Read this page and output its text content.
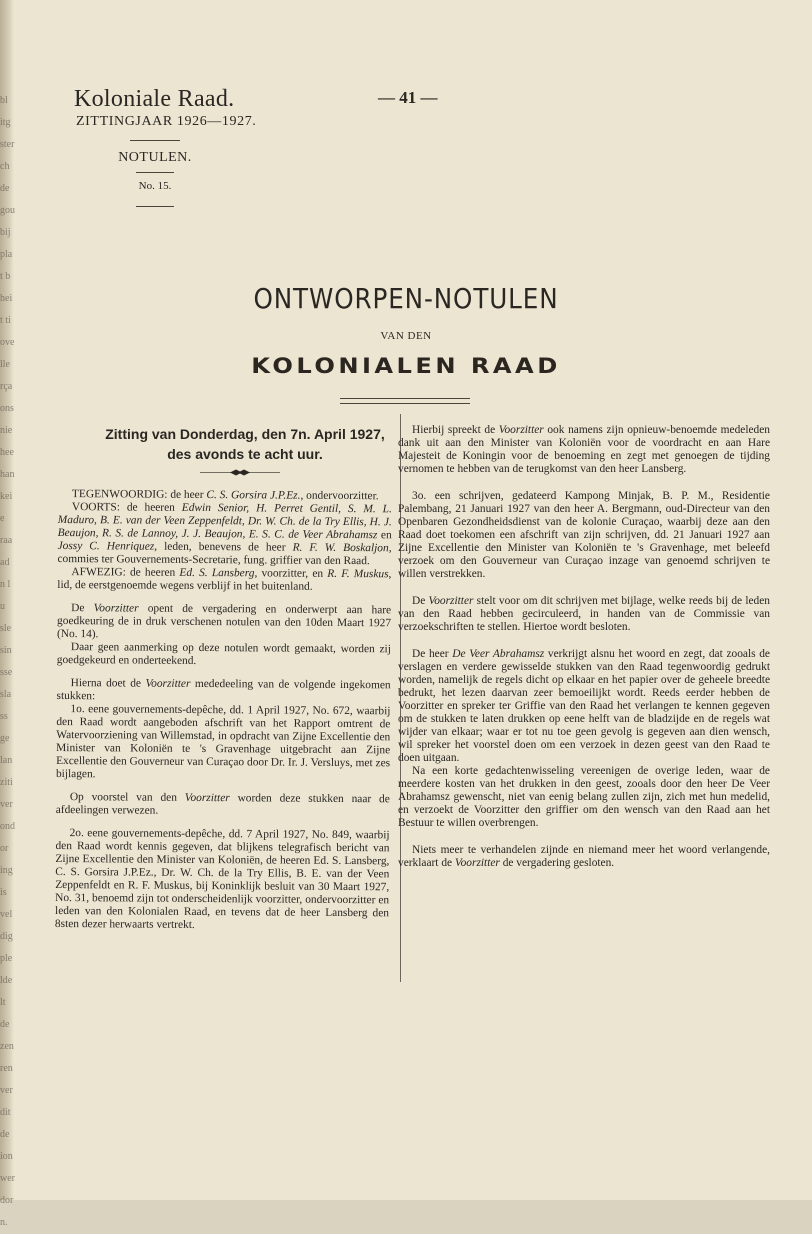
bl
itg
ster
ch
de
gou
bij
pla
t b
hei
t ti
ove
lle
rça
ons
nie
hee
han
kei
e
raa
ad
n l
u
sle
sin
sse
sla
ss
ge
lan
ziti
ver
ond
or
ing
is
vel
dig
ple
lde
lt
de
zen
ren
ver
dit
de
ion
wer
dor
n.
Koloniale Raad.
ZITTINGJAAR 1926—1927.
— 41 —
NOTULEN.
No. 15.
ONTWORPEN-NOTULEN
VAN DEN
KOLONIALEN RAAD
Zitting van Donderdag, den 7n. April 1927,
des avonds te acht uur.

TEGENWOORDIG: de heer C. S. Gorsira J.P.Ez., ondervoorzitter.

VOORTS: de heeren Edwin Senior, H. Perret Gentil, S. M. L. Maduro, B. E. van der Veen Zeppenfeldt, Dr. W. Ch. de la Try Ellis, H. J. Beaujon, R. S. de Lannoy, J. J. Beaujon, E. S. C. de Veer Abrahamsz en Jossy C. Henriquez, leden, benevens de heer R. F. W. Boskaljon, commies ter Gouvernements-Secretarie, fung. griffier van den Raad.

AFWEZIG: de heeren Ed. S. Lansberg, voorzitter, en R. F. Muskus, lid, de eerstgenoemde wegens verblijf in het buitenland.

De Voorzitter opent de vergadering en onderwerpt aan hare goedkeuring de in druk verschenen notulen van den 10den Maart 1927 (No. 14).

Daar geen aanmerking op deze notulen wordt gemaakt, worden zij goedgekeurd en onderteekend.

Hierna doet de Voorzitter mededeeling van de volgende ingekomen stukken:

1o. eene gouvernements-depêche, dd. 1 April 1927, No. 672, waarbij den Raad wordt aangeboden afschrift van het Rapport omtrent de Watervoorziening van Willemstad, in opdracht van Zijne Excellentie den Minister van Koloniën te 's Gravenhage uitgebracht aan Zijne Excellentie den Gouverneur van Curaçao door Dr. Ir. J. Versluys, met zes bijlagen.

Op voorstel van den Voorzitter worden deze stukken naar de afdeelingen verwezen.

2o. eene gouvernements-depêche, dd. 7 April 1927, No. 849, waarbij den Raad wordt kennis gegeven, dat blijkens telegrafisch bericht van Zijne Excellentie den Minister van Koloniën, de heeren Ed. S. Lansberg, C. S. Gorsira J.P.Ez., Dr. W. Ch. de la Try Ellis, B. E. van der Veen Zeppenfeldt en R. F. Muskus, bij Koninklijk besluit van 30 Maart 1927, No. 31, benoemd zijn tot onderscheidenlijk voorzitter, ondervoorzitter en leden van den Kolonialen Raad, en tevens dat de heer Lansberg den 8sten dezer herwaarts vertrekt.

Hierbij spreekt de Voorzitter ook namens zijn opnieuw-benoemde medeleden dank uit aan den Minister van Koloniën voor de voordracht en aan Hare Majesteit de Koningin voor de benoeming en zegt met genoegen de tijding vernomen te hebben van de terugkomst van den heer Lansberg.

3o. een schrijven, gedateerd Kampong Minjak, B. P. M., Residentie Palembang, 21 Januari 1927 van den heer A. Bergmann, oud-Directeur van den Openbaren Gezondheidsdienst van de kolonie Curaçao, waarbij deze aan den Raad doet toekomen een afschrift van zijn schrijven, dd. 21 Januari 1927 aan Zijne Excellentie den Minister van Koloniën te 's Gravenhage, met beleefd verzoek om den Gouverneur van Curaçao inzage van genoemd schrijven te willen verstrekken.

De Voorzitter stelt voor om dit schrijven met bijlage, welke reeds bij de leden van den Raad hebben gecirculeerd, in handen van de Commissie van verzoekschriften te stellen. Hiertoe wordt besloten.

De heer De Veer Abrahamsz verkrijgt alsnu het woord en zegt, dat zooals de verslagen en verdere gewisselde stukken van den Raad tegenwoordig gedrukt worden, namelijk de regels dicht op elkaar en het papier over de geheele breedte bedrukt, het lezen daarvan zeer bemoeilijkt wordt. Reeds eerder hebben de Voorzitter en spreker ter Griffie van den Raad het verlangen te kennen gegeven om de stukken te laten drukken op eene helft van de bladzijde en de regels wat wijder van elkaar; waar er tot nu toe geen gevolg is gegeven aan dien wensch, wil spreker het voorstel doen om een verzoek in dezen geest van den Raad te doen uitgaan.

Na een korte gedachtenwisseling vereenigen de overige leden, waar de meerdere kosten van het drukken in den geest, zooals door den heer De Veer Abrahamsz gewenscht, niet van eenig belang zullen zijn, zich met hun medelid, en verzoekt de Voorzitter den griffier om den wensch van den Raad aan het Bestuur te willen overbrengen.

Niets meer te verhandelen zijnde en niemand meer het woord verlangende, verklaart de Voorzitter de vergadering gesloten.
